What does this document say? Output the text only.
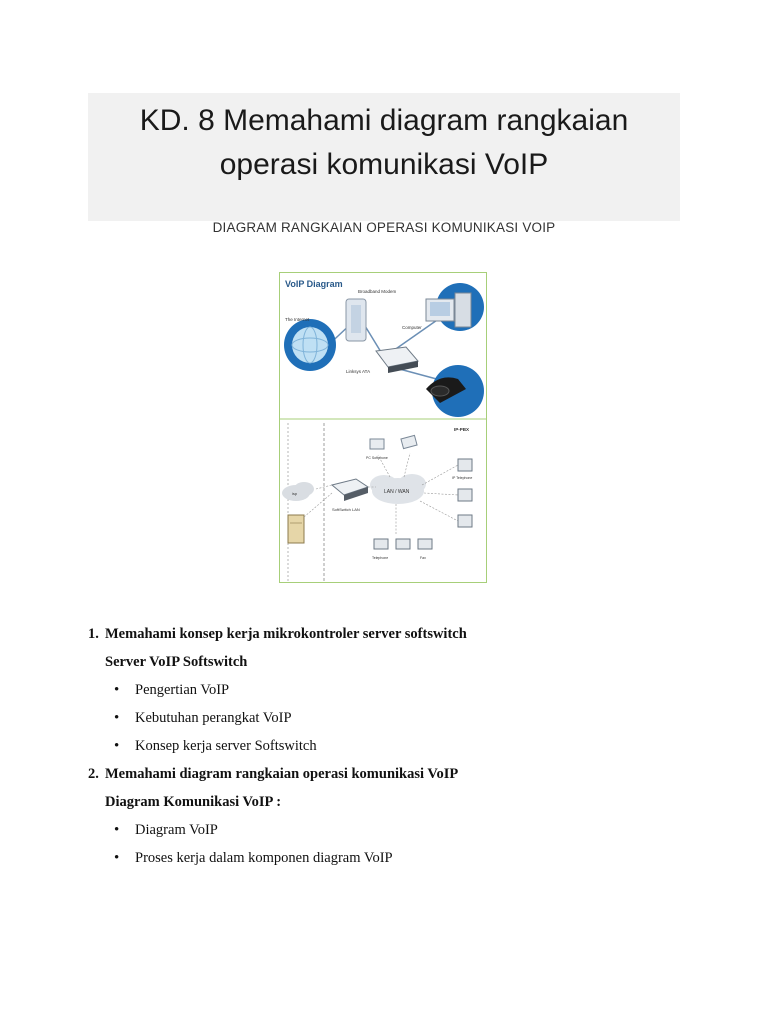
KD. 8 Memahami diagram rangkaian
operasi komunikasi VoIP
DIAGRAM RANGKAIAN OPERASI KOMUNIKASI VOIP
VoIP Diagram
The Internet
Broadband Modem
Computer
Linksys ATA
IP-PBX
isp
SoftSwitch LAN
LAN / WAN
PC Softphone
IP Telephone
Telephone	Fax
1. Memahami konsep kerja mikrokontroler server softswitch
Server VoIP Softswitch
• Pengertian VoIP
• Kebutuhan perangkat VoIP
• Konsep kerja server Softswitch
2. Memahami diagram rangkaian operasi komunikasi VoIP
Diagram Komunikasi VoIP :
• Diagram VoIP
• Proses kerja dalam komponen diagram VoIP
